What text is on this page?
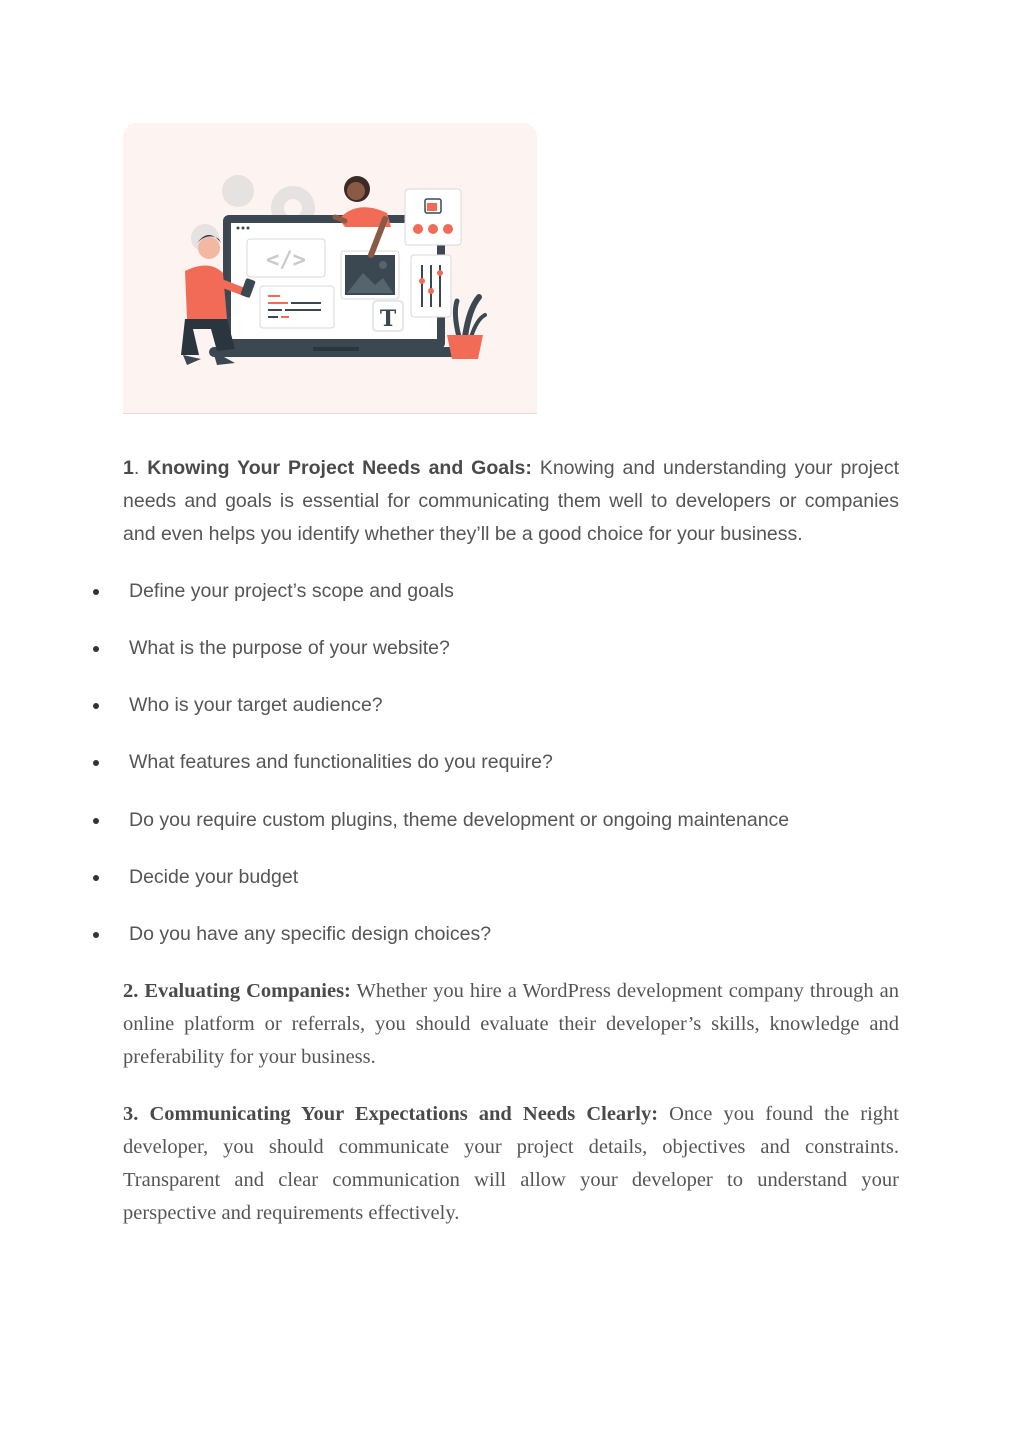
</>
T

1. Knowing Your Project Needs and Goals: Knowing and understanding your project needs and goals is essential for communicating them well to developers or companies and even helps you identify whether they’ll be a good choice for your business.

Define your project’s scope and goals
What is the purpose of your website?
Who is your target audience?
What features and functionalities do you require?
Do you require custom plugins, theme development or ongoing maintenance
Decide your budget
Do you have any specific design choices?

2. Evaluating Companies: Whether you hire a WordPress development company through an online platform or referrals, you should evaluate their developer’s skills, knowledge and preferability for your business.

3. Communicating Your Expectations and Needs Clearly: Once you found the right developer, you should communicate your project details, objectives and constraints. Transparent and clear communication will allow your developer to understand your perspective and requirements effectively.
